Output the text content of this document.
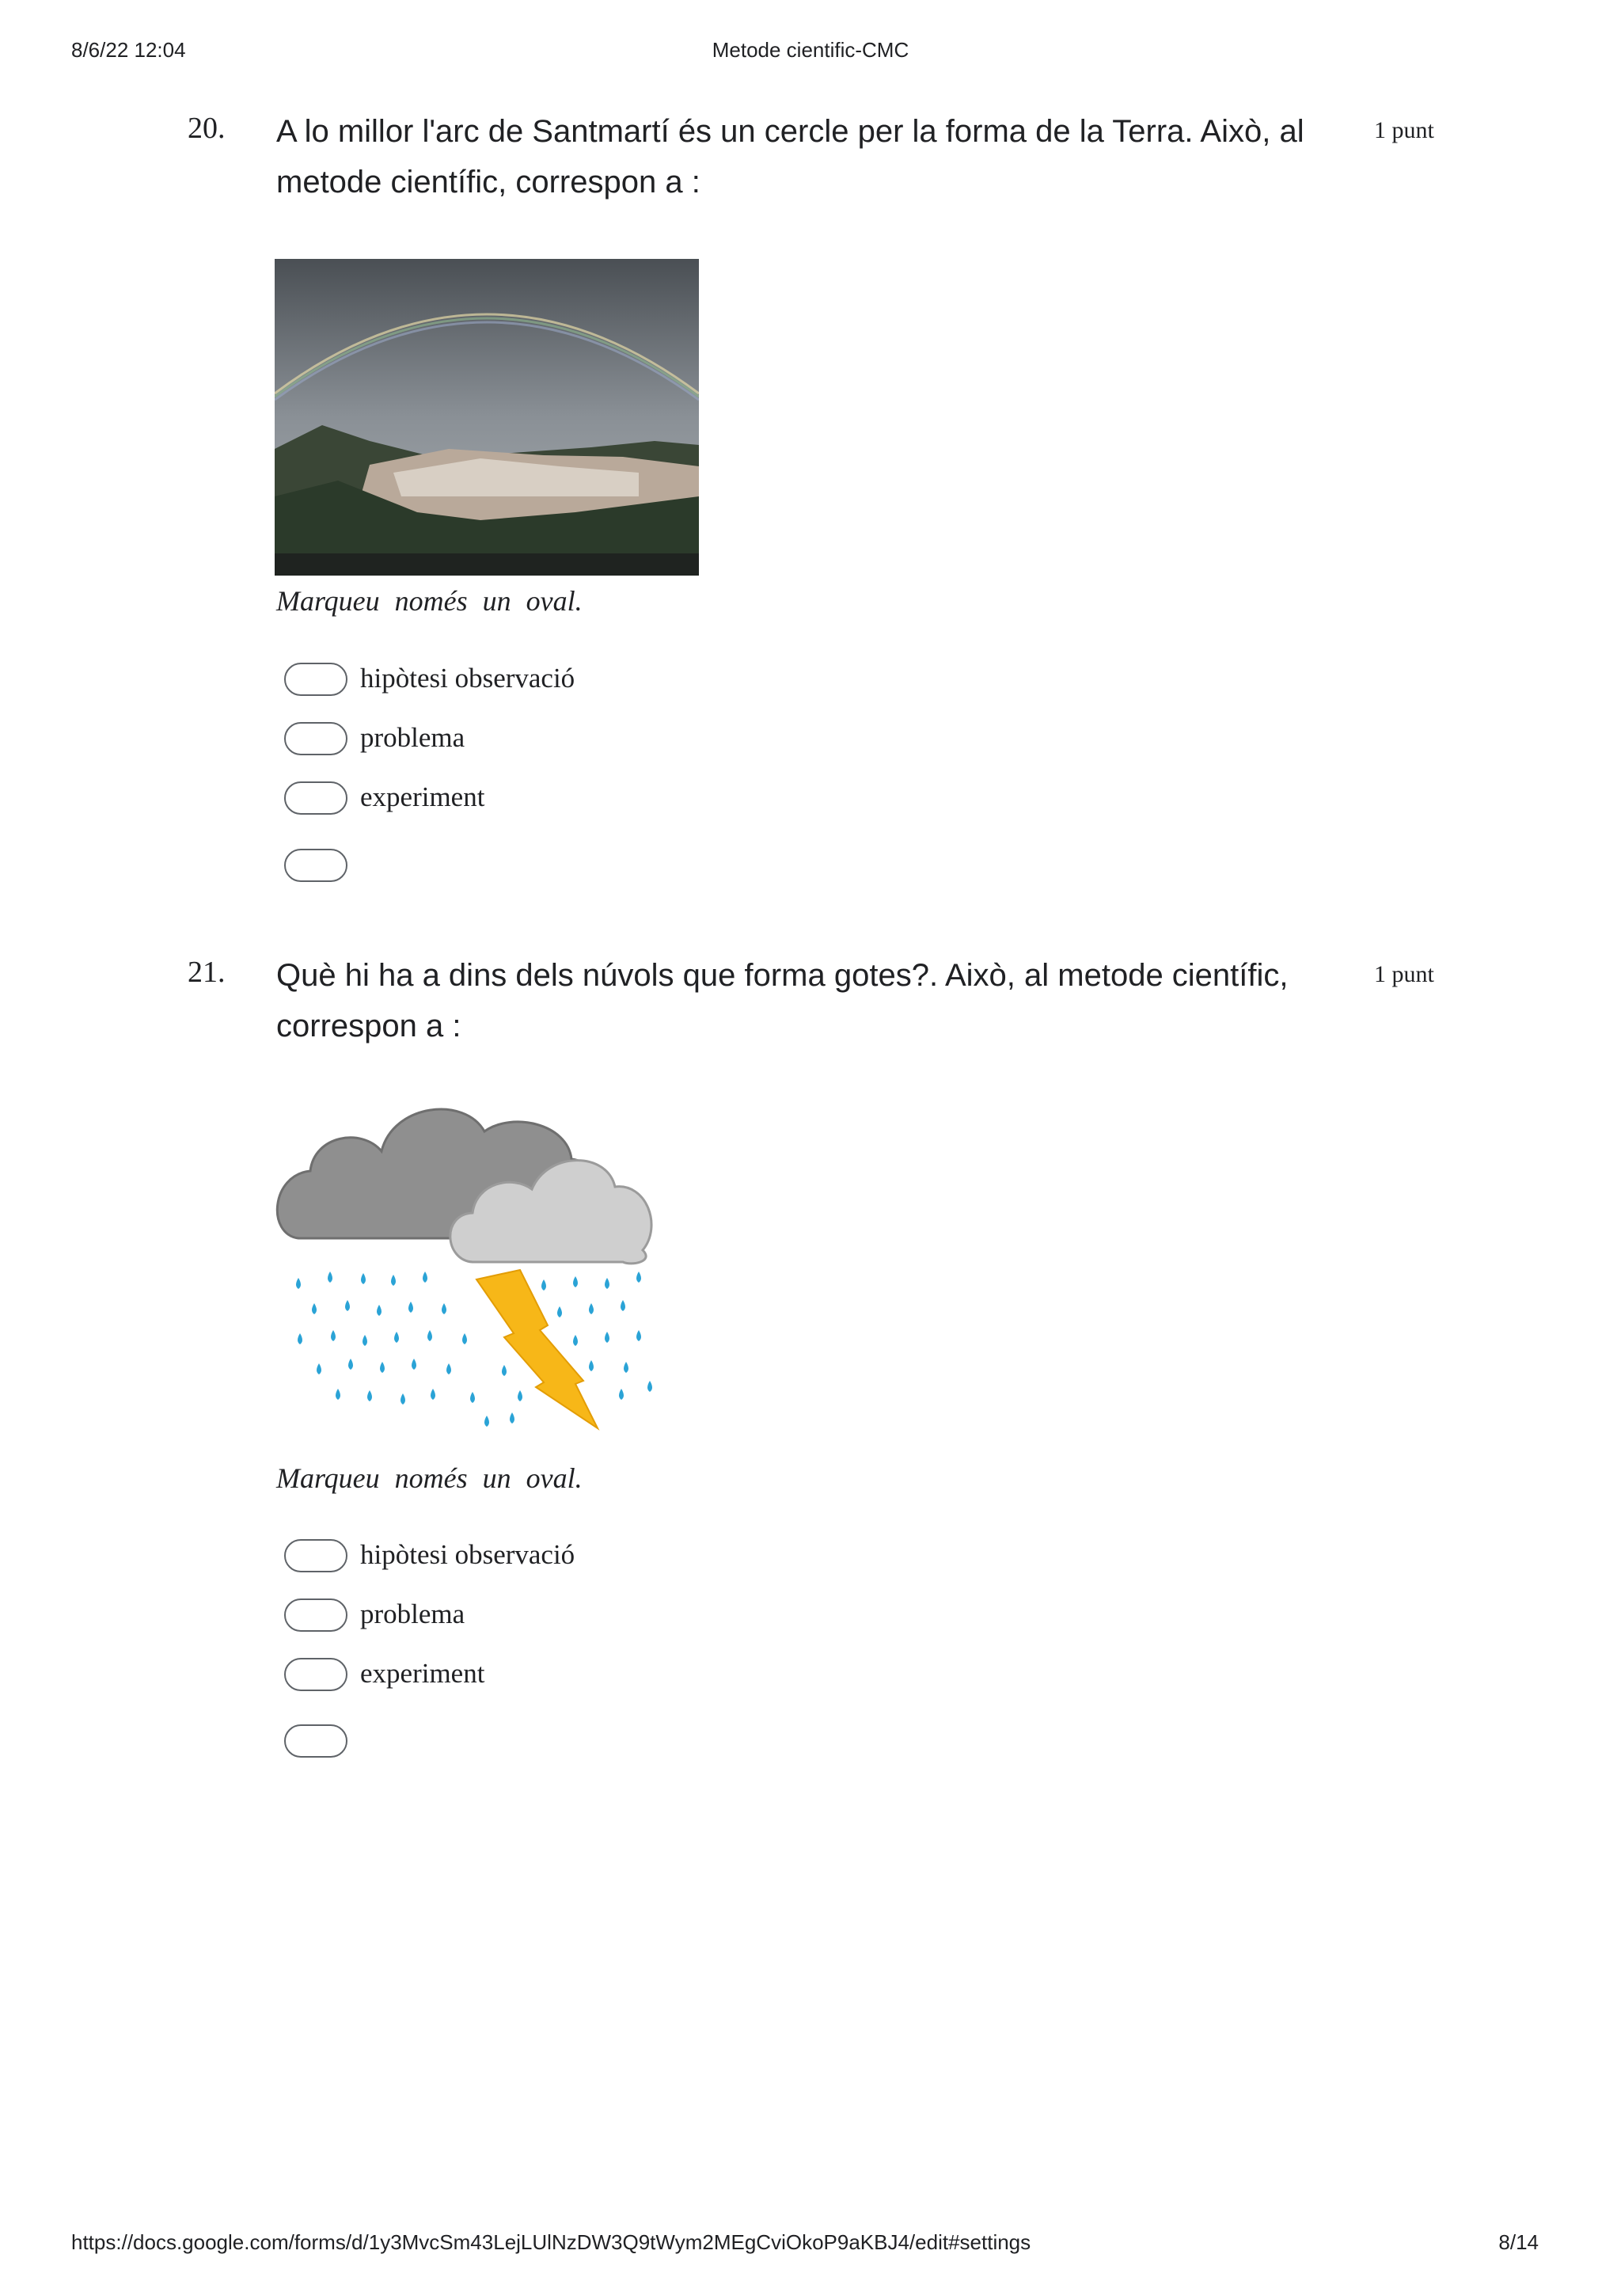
8/6/22 12:04	Metode cientific-CMC
20. A lo millor l'arc de Santmartí és un cercle per la forma de la Terra. Això, al metode científic, correspon a :
1 punt
Marqueu només un oval.
hipòtesi observació
problema
experiment
21. Què hi ha a dins dels núvols que forma gotes?. Això, al metode científic, correspon a :
1 punt
Marqueu només un oval.
hipòtesi observació
problema
experiment
https://docs.google.com/forms/d/1y3MvcSm43LejLUlNzDW3Q9tWym2MEgCviOkoP9aKBJ4/edit#settings	8/14
